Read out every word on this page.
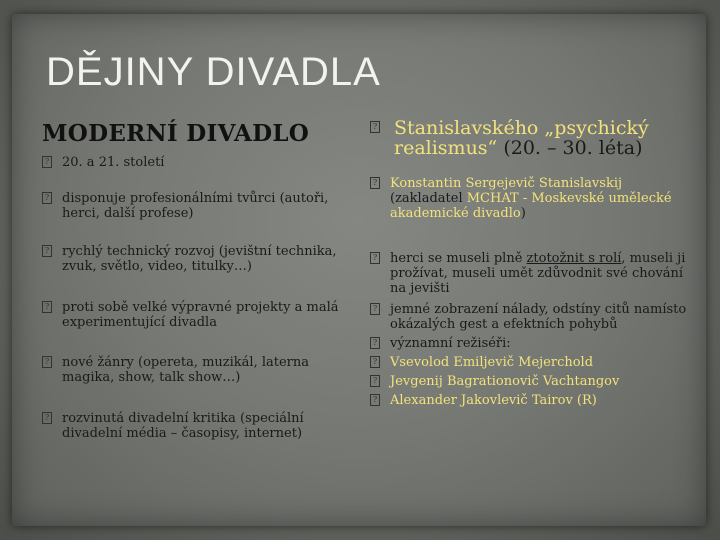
DĚJINY DIVADLA
MODERNÍ DIVADLO
? 20. a 21. století
? disponuje profesionálními tvůrci (autoři, herci, další profese)
? rychlý technický rozvoj (jevištní technika, zvuk, světlo, video, titulky…)
? proti sobě velké výpravné projekty a malá experimentující divadla
? nové žánry (opereta, muzikál, laterna magika, show, talk show…)
? rozvinutá divadelní kritika (speciální divadelní média – časopisy, internet)
? Stanislavského „psychický realismus“ (20. – 30. léta)
? Konstantin Sergejevič Stanislavskij
(zakladatel MCHAT - Moskevské umělecké akademické divadlo)
? herci se museli plně ztotožnit s rolí, museli ji prožívat, museli umět zdůvodnit své chování na jevišti
? jemné zobrazení nálady, odstíny citů namísto okázalých gest a efektních pohybů
? významní režiséři:
? Vsevolod Emiljevič Mejerchold
? Jevgenij Bagrationovič Vachtangov
? Alexander Jakovlevič Tairov (R)
